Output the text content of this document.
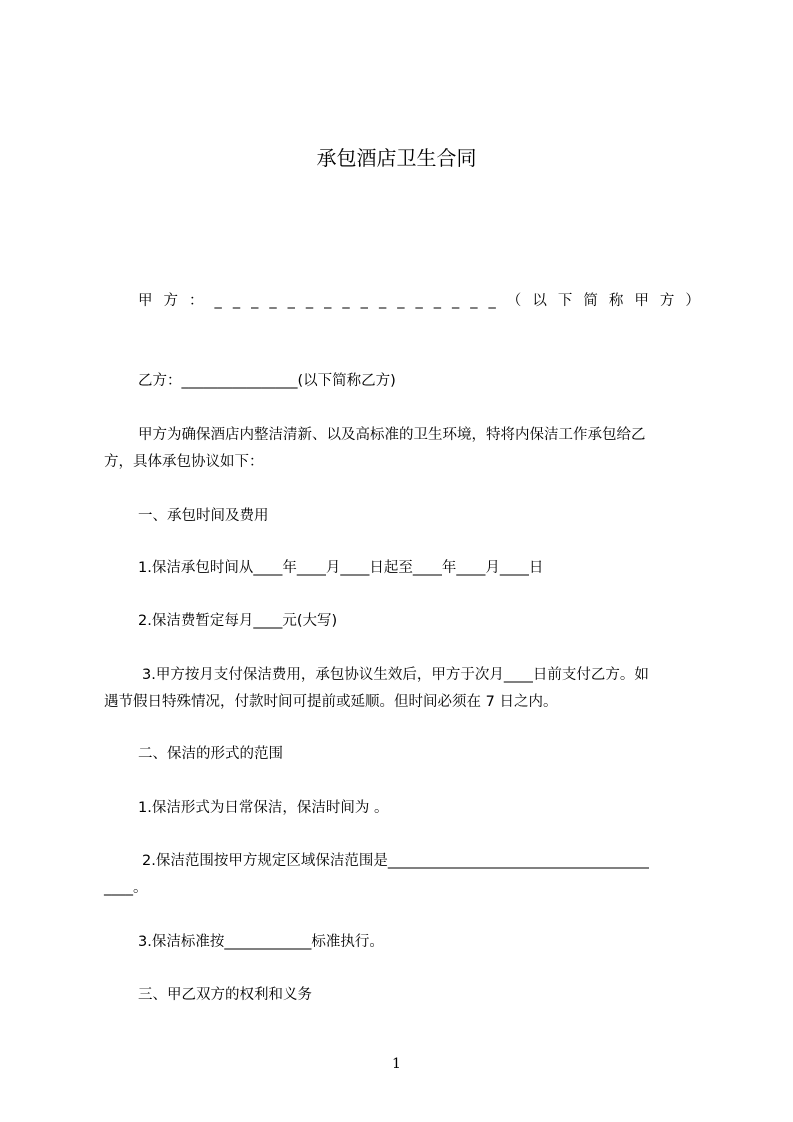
承包酒店卫生合同
甲 方 ： _ _ _ _ _ _ _ _ _ _ _ _ _ _ _ _ （ 以 下 简 称 甲 方 ）
乙方：________________(以下简称乙方)
甲方为确保酒店内整洁清新、以及高标准的卫生环境，特将内保洁工作承包给乙
方，具体承包协议如下：
一、承包时间及费用
1.保洁承包时间从____年____月____日起至____年____月____日
2.保洁费暂定每月____元(大写)
3.甲方按月支付保洁费用，承包协议生效后，甲方于次月____日前支付乙方。如
遇节假日特殊情况，付款时间可提前或延顺。但时间必须在 7 日之内。
二、保洁的形式的范围
1.保洁形式为日常保洁，保洁时间为 。
2.保洁范围按甲方规定区域保洁范围是____________________________________
____。
3.保洁标准按____________标准执行。
三、甲乙双方的权利和义务
1
